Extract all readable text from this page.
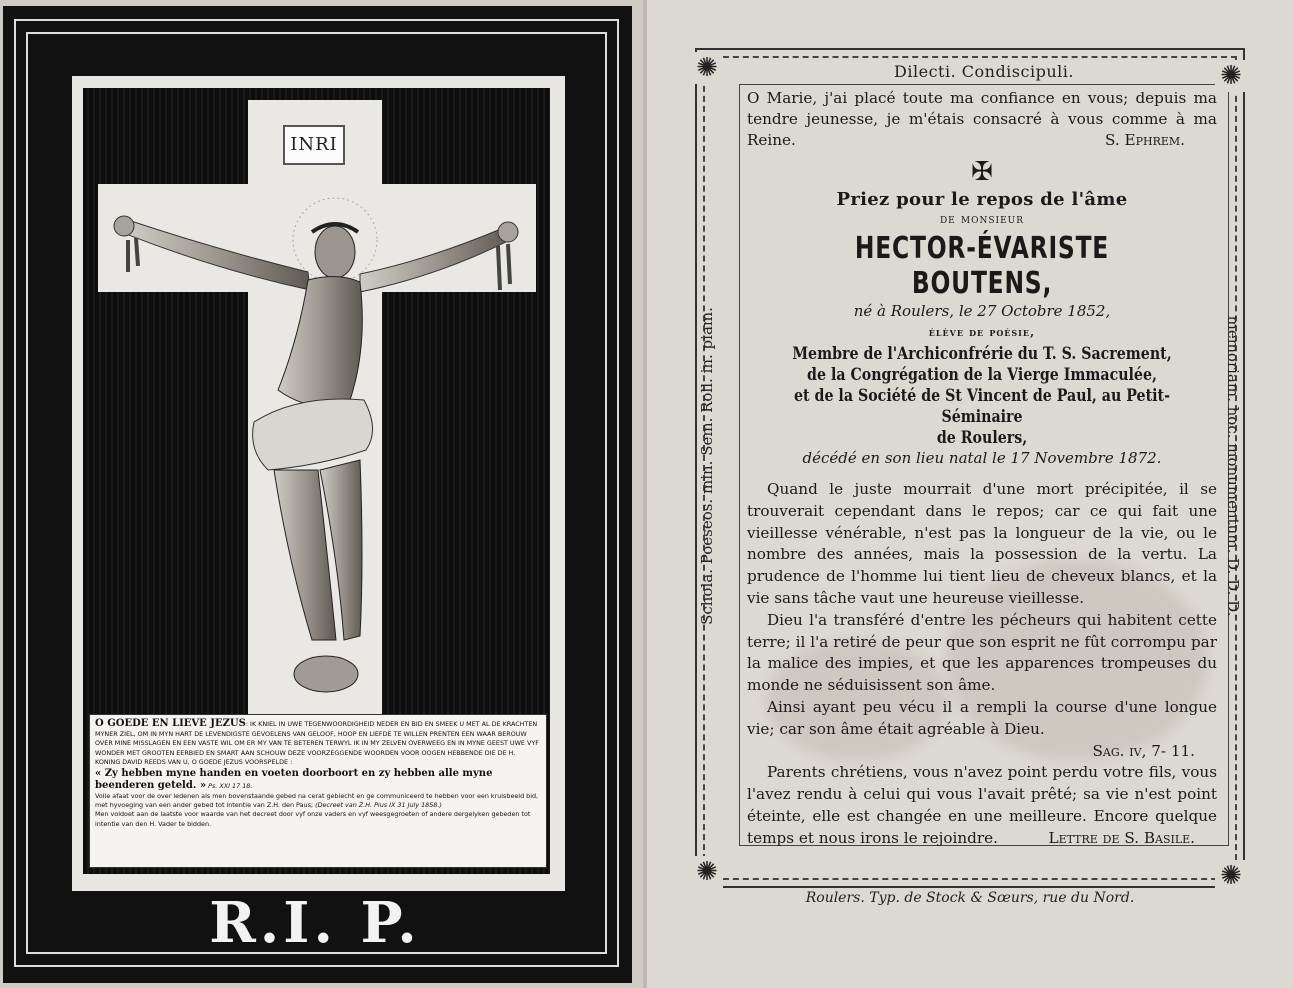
INRI
O GOEDE EN LIEVE JEZUS: IK KNIEL IN UWE TEGENWOORDIGHEID NEDER EN BID EN SMEEK U MET AL DE KRACHTEN MYNER ZIEL, OM IN MYN HART DE LEVENDIGSTE GEVOELENS VAN GELOOF, HOOP EN LIEFDE TE WILLEN PRENTEN EEN WAAR BEROUW OVER MINE MISSLAGEN EN EEN VASTE WIL OM ER MY VAN TE BETEREN TERWYL IK IN MY ZELVEN OVERWEEG EN IN MYNE GEEST UWE VYF WONDER MET GROOTEN EERBIED EN SMART AAN SCHOUW DEZE VOORZEGGENDE WOORDEN VOOR OOGEN HEBBENDE DIE DE H. KONING DAVID REEDS VAN U, O GOEDE JEZUS VOORSPELDE :
« Zy hebben myne handen en voeten doorboort en zy hebben alle myne beenderen geteld. » Ps. XXI 17 18.
Volle afaat voor de over ledenen als men bovenstaande gebed na cerat gebiecht en ge communiceerd te hebben voor een kruisbeeld bid, met hyvoeging van een ander gebed tot intentie van Z.H. den Paus; (Decreet van Z.H. Pius IX 31 July 1858.)
Men voldoet aan de laatste voor waarde van het decreet door vyf onze vaders en vyf weesgegroeten of andere dergelyken gebeden tot intentie van den H. Vader te bidden.
R.I. P.
✺	✺
✺	✺
Dilecti. Condiscipuli.
Schola. Poeseos. min. Sem. Roll. in. piam.	memoriam. hoc. monumentum. D. D. D.
O Marie, j'ai placé toute ma confiance en vous; depuis ma tendre jeunesse, je m'étais consacré à vous comme à ma Reine.	S. Ephrem.
✠
Priez pour le repos de l'âme
de monsieur
HECTOR-ÉVARISTE BOUTENS,
né à Roulers, le 27 Octobre 1852,
élève de poésie,
Membre de l'Archiconfrérie du T. S. Sacrement,
de la Congrégation de la Vierge Immaculée,
et de la Société de St Vincent de Paul, au Petit-Séminaire
de Roulers,
décédé en son lieu natal le 17 Novembre 1872.

Quand le juste mourrait d'une mort précipitée, il se trouverait cependant dans le repos; car ce qui fait une vieillesse vénérable, n'est pas la longueur de la vie, ou le nombre des années, mais la possession de la vertu. La prudence de l'homme lui tient lieu de cheveux blancs, et la vie sans tâche vaut une heureuse vieillesse.

Dieu l'a transféré d'entre les pécheurs qui habitent cette terre; il l'a retiré de peur que son esprit ne fût corrompu par la malice des impies, et que les apparences trompeuses du monde ne séduisissent son âme.

Ainsi ayant peu vécu il a rempli la course d'une longue vie; car son âme était agréable à Dieu.

Sag. iv, 7- 11.

Parents chrétiens, vous n'avez point perdu votre fils, vous l'avez rendu à celui qui vous l'avait prêté; sa vie n'est point éteinte, elle est changée en une meilleure. Encore quelque temps et nous irons le rejoindre.	Lettre de S. Basile.
Roulers. Typ. de Stock & Sœurs, rue du Nord.
